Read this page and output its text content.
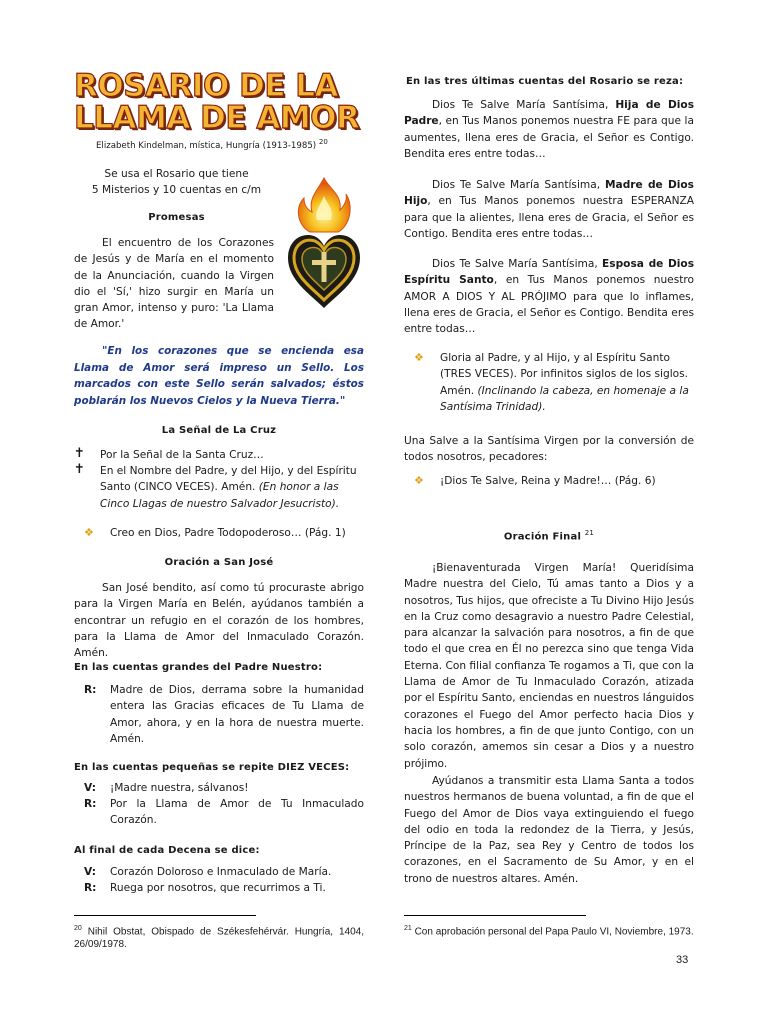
ROSARIO DE LA
LLAMA DE AMOR
Elizabeth Kindelman, mística, Hungría (1913-1985) $^{20}$
Se usa el Rosario que tiene
5 Misterios y 10 cuentas en c/m
Promesas
El encuentro de los Corazones de Jesús y de María en el momento de la Anunciación, cuando la Virgen dio el 'Sí,' hizo surgir en María un gran Amor, intenso y puro: 'La Llama de Amor.'
"En los corazones que se encienda esa Llama de Amor será impreso un Sello. Los marcados con este Sello serán salvados; éstos poblarán los Nuevos Cielos y la Nueva Tierra."
La Señal de La Cruz
✝ Por la Señal de la Santa Cruz…
✝ En el Nombre del Padre, y del Hijo, y del Espíritu Santo (CINCO VECES). Amén. (En honor a las Cinco Llagas de nuestro Salvador Jesucristo).
❖ Creo en Dios, Padre Todopoderoso… (Pág. 1)
Oración a San José
San José bendito, así como tú procuraste abrigo para la Virgen María en Belén, ayúdanos también a encontrar un refugio en el corazón de los hombres, para la Llama de Amor del Inmaculado Corazón. Amén.
En las cuentas grandes del Padre Nuestro:
R: Madre de Dios, derrama sobre la humanidad entera las Gracias eficaces de Tu Llama de Amor, ahora, y en la hora de nuestra muerte. Amén.
En las cuentas pequeñas se repite DIEZ VECES:
V: ¡Madre nuestra, sálvanos!
R: Por la Llama de Amor de Tu Inmaculado Corazón.
Al final de cada Decena se dice:
V: Corazón Doloroso e Inmaculado de María.
R: Ruega por nosotros, que recurrimos a Ti.
$^{20}$ Nihil Obstat, Obispado de Székesfehérvár. Hungría, 1404, 26/09/1978.
En las tres últimas cuentas del Rosario se reza:
Dios Te Salve María Santísima, Hija de Dios Padre, en Tus Manos ponemos nuestra FE para que la aumentes, llena eres de Gracia, el Señor es Contigo. Bendita eres entre todas…
Dios Te Salve María Santísima, Madre de Dios Hijo, en Tus Manos ponemos nuestra ESPERANZA para que la alientes, llena eres de Gracia, el Señor es Contigo. Bendita eres entre todas…
Dios Te Salve María Santísima, Esposa de Dios Espíritu Santo, en Tus Manos ponemos nuestro AMOR A DIOS Y AL PRÓJIMO para que lo inflames, llena eres de Gracia, el Señor es Contigo. Bendita eres entre todas…
❖ Gloria al Padre, y al Hijo, y al Espíritu Santo (TRES VECES). Por infinitos siglos de los siglos. Amén. (Inclinando la cabeza, en homenaje a la Santísima Trinidad).
Una Salve a la Santísima Virgen por la conversión de todos nosotros, pecadores:
❖ ¡Dios Te Salve, Reina y Madre!… (Pág. 6)
Oración Final $^{21}$
¡Bienaventurada Virgen María! Queridísima Madre nuestra del Cielo, Tú amas tanto a Dios y a nosotros, Tus hijos, que ofreciste a Tu Divino Hijo Jesús en la Cruz como desagravio a nuestro Padre Celestial, para alcanzar la salvación para nosotros, a fin de que todo el que crea en Él no perezca sino que tenga Vida Eterna. Con filial confianza Te rogamos a Ti, que con la Llama de Amor de Tu Inmaculado Corazón, atizada por el Espíritu Santo, enciendas en nuestros lánguidos corazones el Fuego del Amor perfecto hacia Dios y hacia los hombres, a fin de que junto Contigo, con un solo corazón, amemos sin cesar a Dios y a nuestro prójimo.
Ayúdanos a transmitir esta Llama Santa a todos nuestros hermanos de buena voluntad, a fin de que el Fuego del Amor de Dios vaya extinguiendo el fuego del odio en toda la redondez de la Tierra, y Jesús, Príncipe de la Paz, sea Rey y Centro de todos los corazones, en el Sacramento de Su Amor, y en el trono de nuestros altares. Amén.
$^{21}$ Con aprobación personal del Papa Paulo VI, Noviembre, 1973.
33
